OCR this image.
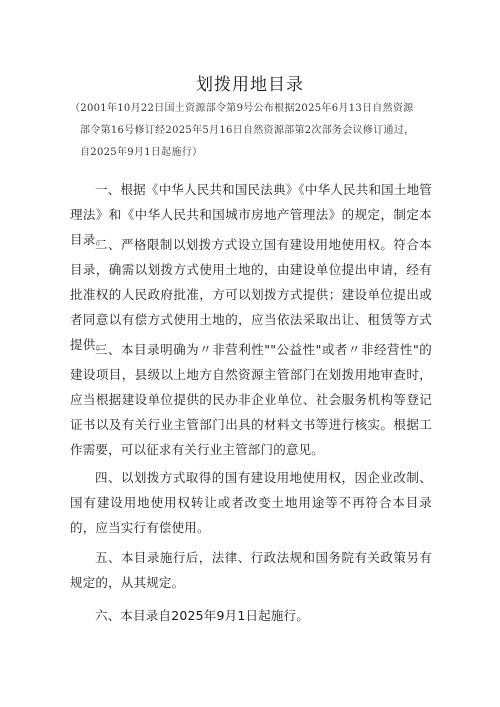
划拨用地目录
（2001年10月22日国土资源部令第9号公布根据2025年6月13日自然资源
部令第16号修订经2025年5月16日自然资源部第2次部务会议修订通过，
自2025年9月1日起施行）

一、根据《中华人民共和国民法典》《中华人民共和国土地管理法》和《中华人民共和国城市房地产管理法》的规定，制定本目录。

二、严格限制以划拨方式设立国有建设用地使用权。符合本目录，确需以划拨方式使用土地的，由建设单位提出申请，经有批准权的人民政府批准，方可以划拨方式提供；建设单位提出或者同意以有偿方式使用土地的，应当依法采取出让、租赁等方式提供。

三、本目录明确为〃非营利性""公益性"或者〃非经营性"的建设项目，县级以上地方自然资源主管部门在划拨用地审查时，应当根据建设单位提供的民办非企业单位、社会服务机构等登记证书以及有关行业主管部门出具的材料文书等进行核实。根据工作需要，可以征求有关行业主管部门的意见。

四、以划拨方式取得的国有建设用地使用权，因企业改制、国有建设用地使用权转让或者改变土地用途等不再符合本目录的，应当实行有偿使用。

五、本目录施行后，法律、行政法规和国务院有关政策另有规定的，从其规定。

六、本目录自2025年9月1日起施行。
